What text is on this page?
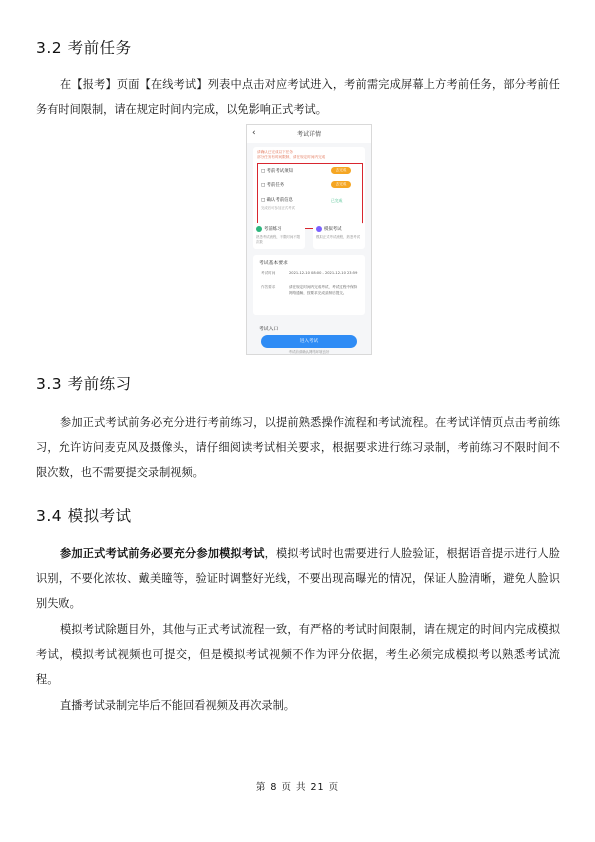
3.2 考前任务

在【报考】页面【在线考试】列表中点击对应考试进入，考前需完成屏幕上方考前任务，部分考前任务有时间限制，请在规定时间内完成，以免影响正式考试。

‹	考试详情
请确认已完成以下任务
部分任务有时间限制，请在规定时间内完成
□ 考前考试须知	去完成
□ 考前任务	去完成
□ 确认考前信息	已完成
完成后可参加正式考试
考前练习
熟悉考试流程，不限时间不限次数
模拟考试
模拟正式考试流程，熟悉考试
考试基本要求
考试时间	2021-12-10 08:00 - 2021-12-10 23:59
作答要求	请在规定时间内完成考试，考试过程中保持网络通畅，按要求完成录制后提交。
考试入口
进入考试
考试前请确认网络环境良好
3.3 考前练习

参加正式考试前务必充分进行考前练习，以提前熟悉操作流程和考试流程。在考试详情页点击考前练习，允许访问麦克风及摄像头，请仔细阅读考试相关要求，根据要求进行练习录制，考前练习不限时间不限次数，也不需要提交录制视频。

3.4 模拟考试

参加正式考试前务必要充分参加模拟考试，模拟考试时也需要进行人脸验证，根据语音提示进行人脸识别，不要化浓妆、戴美瞳等，验证时调整好光线，不要出现高曝光的情况，保证人脸清晰，避免人脸识别失败。

模拟考试除题目外，其他与正式考试流程一致，有严格的考试时间限制，请在规定的时间内完成模拟考试，模拟考试视频也可提交，但是模拟考试视频不作为评分依据，考生必须完成模拟考以熟悉考试流程。

直播考试录制完毕后不能回看视频及再次录制。

第 8 页 共 21 页
